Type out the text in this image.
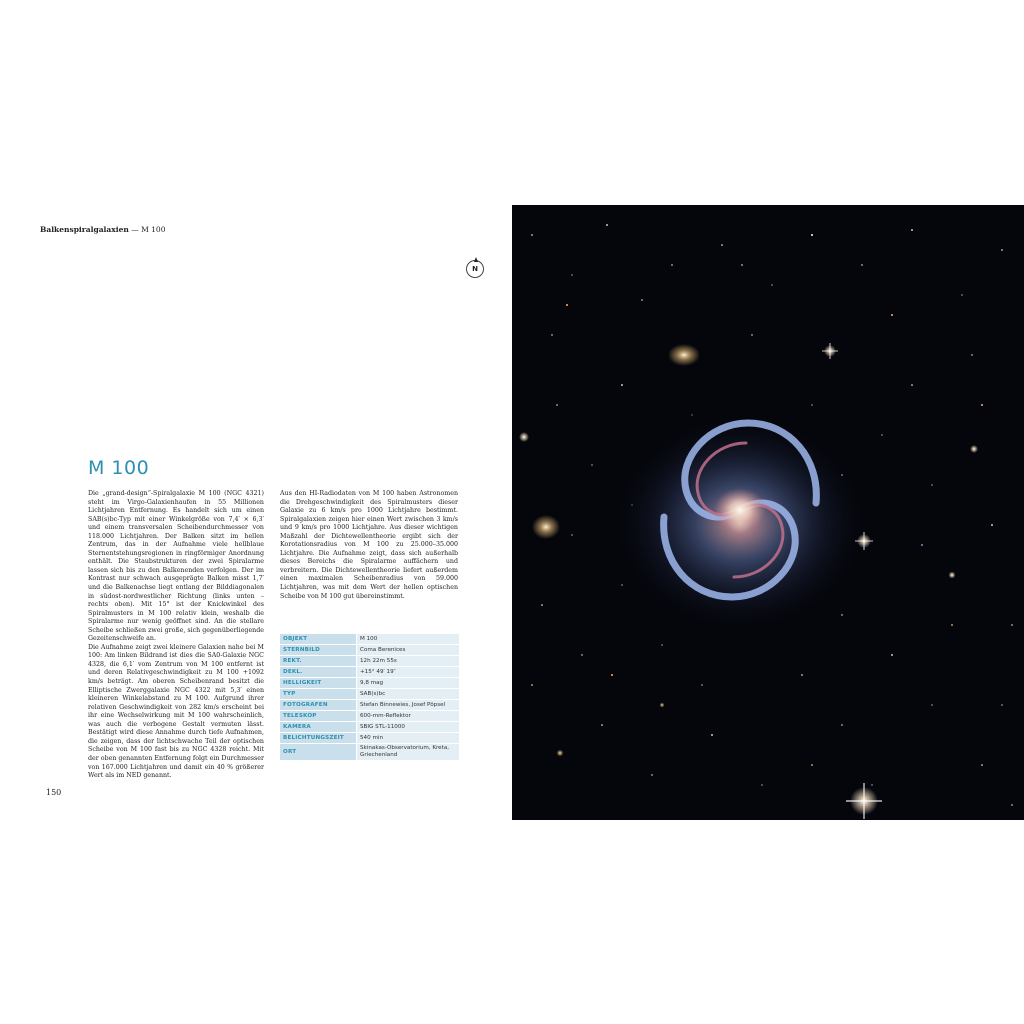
Balkenspiralgalaxien — M 100
N
M 100

Die „grand-design“-Spiralgalaxie M 100 (NGC 4321) steht im Virgo-Galaxienhaufen in 55 Millionen Lichtjahren Entfernung. Es handelt sich um einen SAB(s)bc-Typ mit einer Winkelgröße von 7,4′ × 6,3′ und einem transversalen Scheibendurchmesser von 118.000 Lichtjahren. Der Balken sitzt im hellen Zentrum, das in der Aufnahme viele hellblaue Sternentstehungsregionen in ringförmiger Anordnung enthält. Die Staubstrukturen der zwei Spiralarme lassen sich bis zu den Balkenenden verfolgen. Der im Kontrast nur schwach ausgeprägte Balken misst 1,7′ und die Balkenachse liegt entlang der Bilddiagonalen in südost-nordwestlicher Richtung (links unten – rechts oben). Mit 15° ist der Knickwinkel des Spiralmusters in M 100 relativ klein, weshalb die Spiralarme nur wenig geöffnet sind. An die stellare Scheibe schließen zwei große, sich gegenüberliegende Gezeitenschweife an.

Die Aufnahme zeigt zwei kleinere Galaxien nahe bei M 100: Am linken Bildrand ist dies die SA0-Galaxie NGC 4328, die 6,1′ vom Zentrum von M 100 entfernt ist und deren Relativgeschwindigkeit zu M 100 +1092 km/s beträgt. Am oberen Scheibenrand besitzt die Elliptische Zwerggalaxie NGC 4322 mit 5,3′ einen kleineren Winkelabstand zu M 100. Aufgrund ihrer relativen Geschwindigkeit von 282 km/s erscheint bei ihr eine Wechselwirkung mit M 100 wahrscheinlich, was auch die verbogene Gestalt vermuten lässt. Bestätigt wird diese Annahme durch tiefe Aufnahmen, die zeigen, dass der lichtschwache Teil der optischen Scheibe von M 100 fast bis zu NGC 4328 reicht. Mit der oben genannten Entfernung folgt ein Durchmesser von 167.000 Lichtjahren und damit ein 40 % größerer Wert als im NED genannt.

Aus den HI-Radiodaten von M 100 haben Astronomen die Drehgeschwindigkeit des Spiralmusters dieser Galaxie zu 6 km/s pro 1000 Lichtjahre bestimmt. Spiralgalaxien zeigen hier einen Wert zwischen 3 km/s und 9 km/s pro 1000 Lichtjahre. Aus dieser wichtigen Maßzahl der Dichtewellentheorie ergibt sich der Korotationsradius von M 100 zu 25.000–35.000 Lichtjahre. Die Aufnahme zeigt, dass sich außerhalb dieses Bereichs die Spiralarme auffächern und verbreitern. Die Dichtewellentheorie liefert außerdem einen maximalen Scheibenradius von 59.000 Lichtjahren, was mit dem Wert der hellen optischen Scheibe von M 100 gut übereinstimmt.

OBJEKT	M 100
STERNBILD	Coma Berenices
REKT.	12h 22m 55s
DEKL.	+15° 49′ 19″
HELLIGKEIT	9,8 mag
TYP	SAB(s)bc
FOTOGRAFEN	Stefan Binnewies, Josef Pöpsel
TELESKOP	600-mm-Reflektor
KAMERA	SBIG STL-11000
BELICHTUNGSZEIT	540 min
ORT	Skinakas-Observatorium, Kreta, Griechenland
150
